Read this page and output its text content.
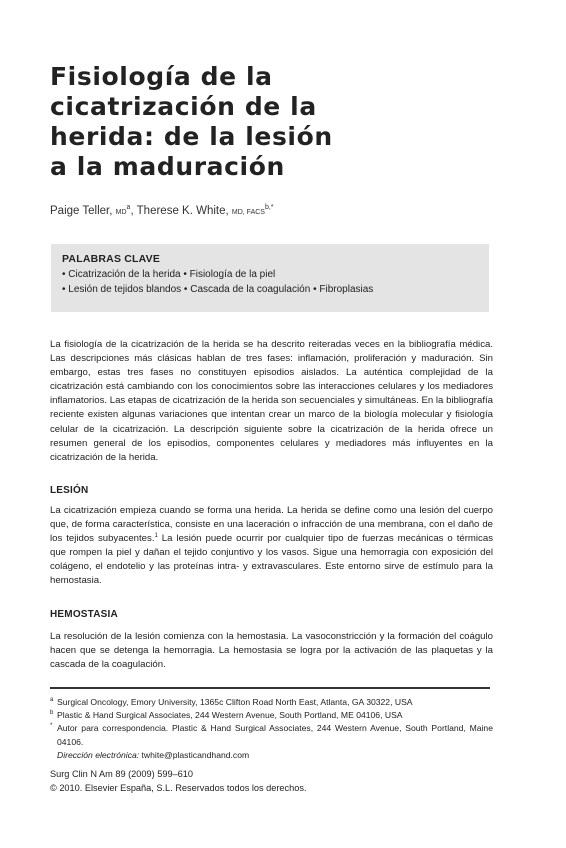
Fisiología de la
cicatrización de la
herida: de la lesión
a la maduración
Paige Teller, $MD^a$, Therese K. White, MD, $FACS^{b,*}$
PALABRAS CLAVE
• Cicatrización de la herida • Fisiología de la piel
• Lesión de tejidos blandos • Cascada de la coagulación • Fibroplasias

La fisiología de la cicatrización de la herida se ha descrito reiteradas veces en la bibliografía médica. Las descripciones más clásicas hablan de tres fases: inflamación, proliferación y maduración. Sin embargo, estas tres fases no constituyen episodios aislados. La auténtica complejidad de la cicatrización está cambiando con los conocimientos sobre las interacciones celulares y los mediadores inflamatorios. Las etapas de cicatrización de la herida son secuenciales y simultáneas. En la bibliografía reciente existen algunas variaciones que intentan crear un marco de la biología molecular y fisiología celular de la cicatrización. La descripción siguiente sobre la cicatrización de la herida ofrece un resumen general de los episodios, componentes celulares y mediadores más influyentes en la cicatrización de la herida.

LESIÓN

La cicatrización empieza cuando se forma una herida. La herida se define como una lesión del cuerpo que, de forma característica, consiste en una laceración o infracción de una membrana, con el daño de los tejidos subyacentes.$^1$ La lesión puede ocurrir por cualquier tipo de fuerzas mecánicas o térmicas que rompen la piel y dañan el tejido conjuntivo y los vasos. Sigue una hemorragia con exposición del colágeno, el endotelio y las proteínas intra- y extravasculares. Este entorno sirve de estímulo para la hemostasia.

HEMOSTASIA

La resolución de la lesión comienza con la hemostasia. La vasoconstricción y la formación del coágulo hacen que se detenga la hemorragia. La hemostasia se logra por la activación de las plaquetas y la cascada de la coagulación.

a Surgical Oncology, Emory University, 1365c Clifton Road North East, Atlanta, GA 30322, USA
b Plastic & Hand Surgical Associates, 244 Western Avenue, South Portland, ME 04106, USA
* Autor para correspondencia. Plastic & Hand Surgical Associates, 244 Western Avenue, South Portland, Maine 04106.
Dirección electrónica: twhite@plasticandhand.com
Surg Clin N Am 89 (2009) 599–610
© 2010. Elsevier España, S.L. Reservados todos los derechos.
